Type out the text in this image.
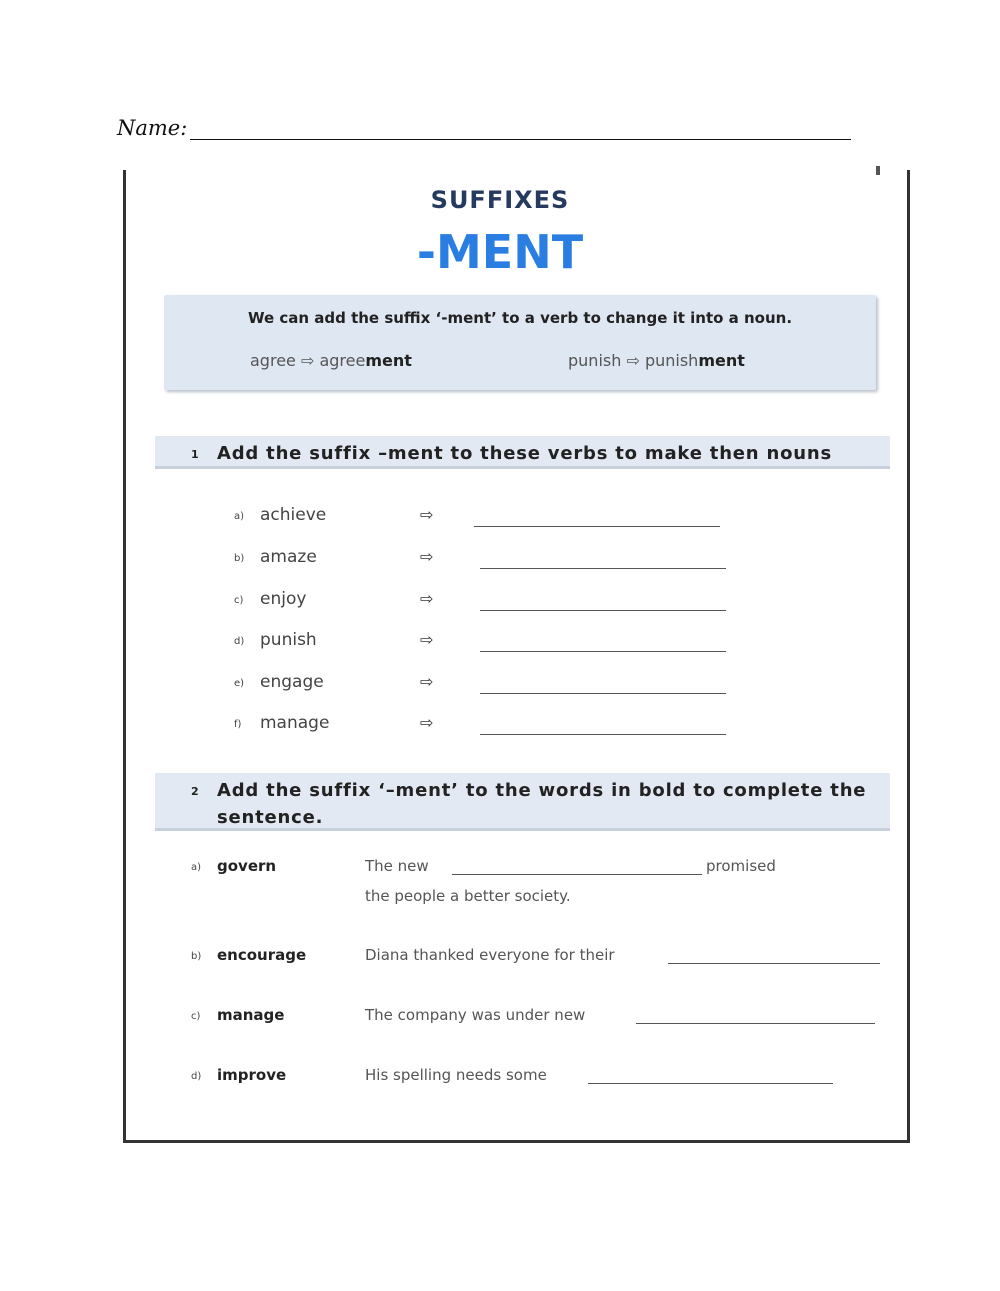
Name:
SUFFIXES
-MENT
We can add the suffix ‘-ment’ to a verb to change it into a noun.
agree ⇨ agreement	punish ⇨ punishment
1 Add the suffix –ment to these verbs to make then nouns
a) achieve	⇨
b) amaze	⇨
c) enjoy	⇨
d) punish	⇨
e) engage	⇨
f) manage	⇨
2 Add the suffix ‘–ment’ to the words in bold to complete the sentence.
a) govern	The new	promised
the people a better society.
b) encourage	Diana thanked everyone for their
c) manage	The company was under new
d) improve	His spelling needs some
